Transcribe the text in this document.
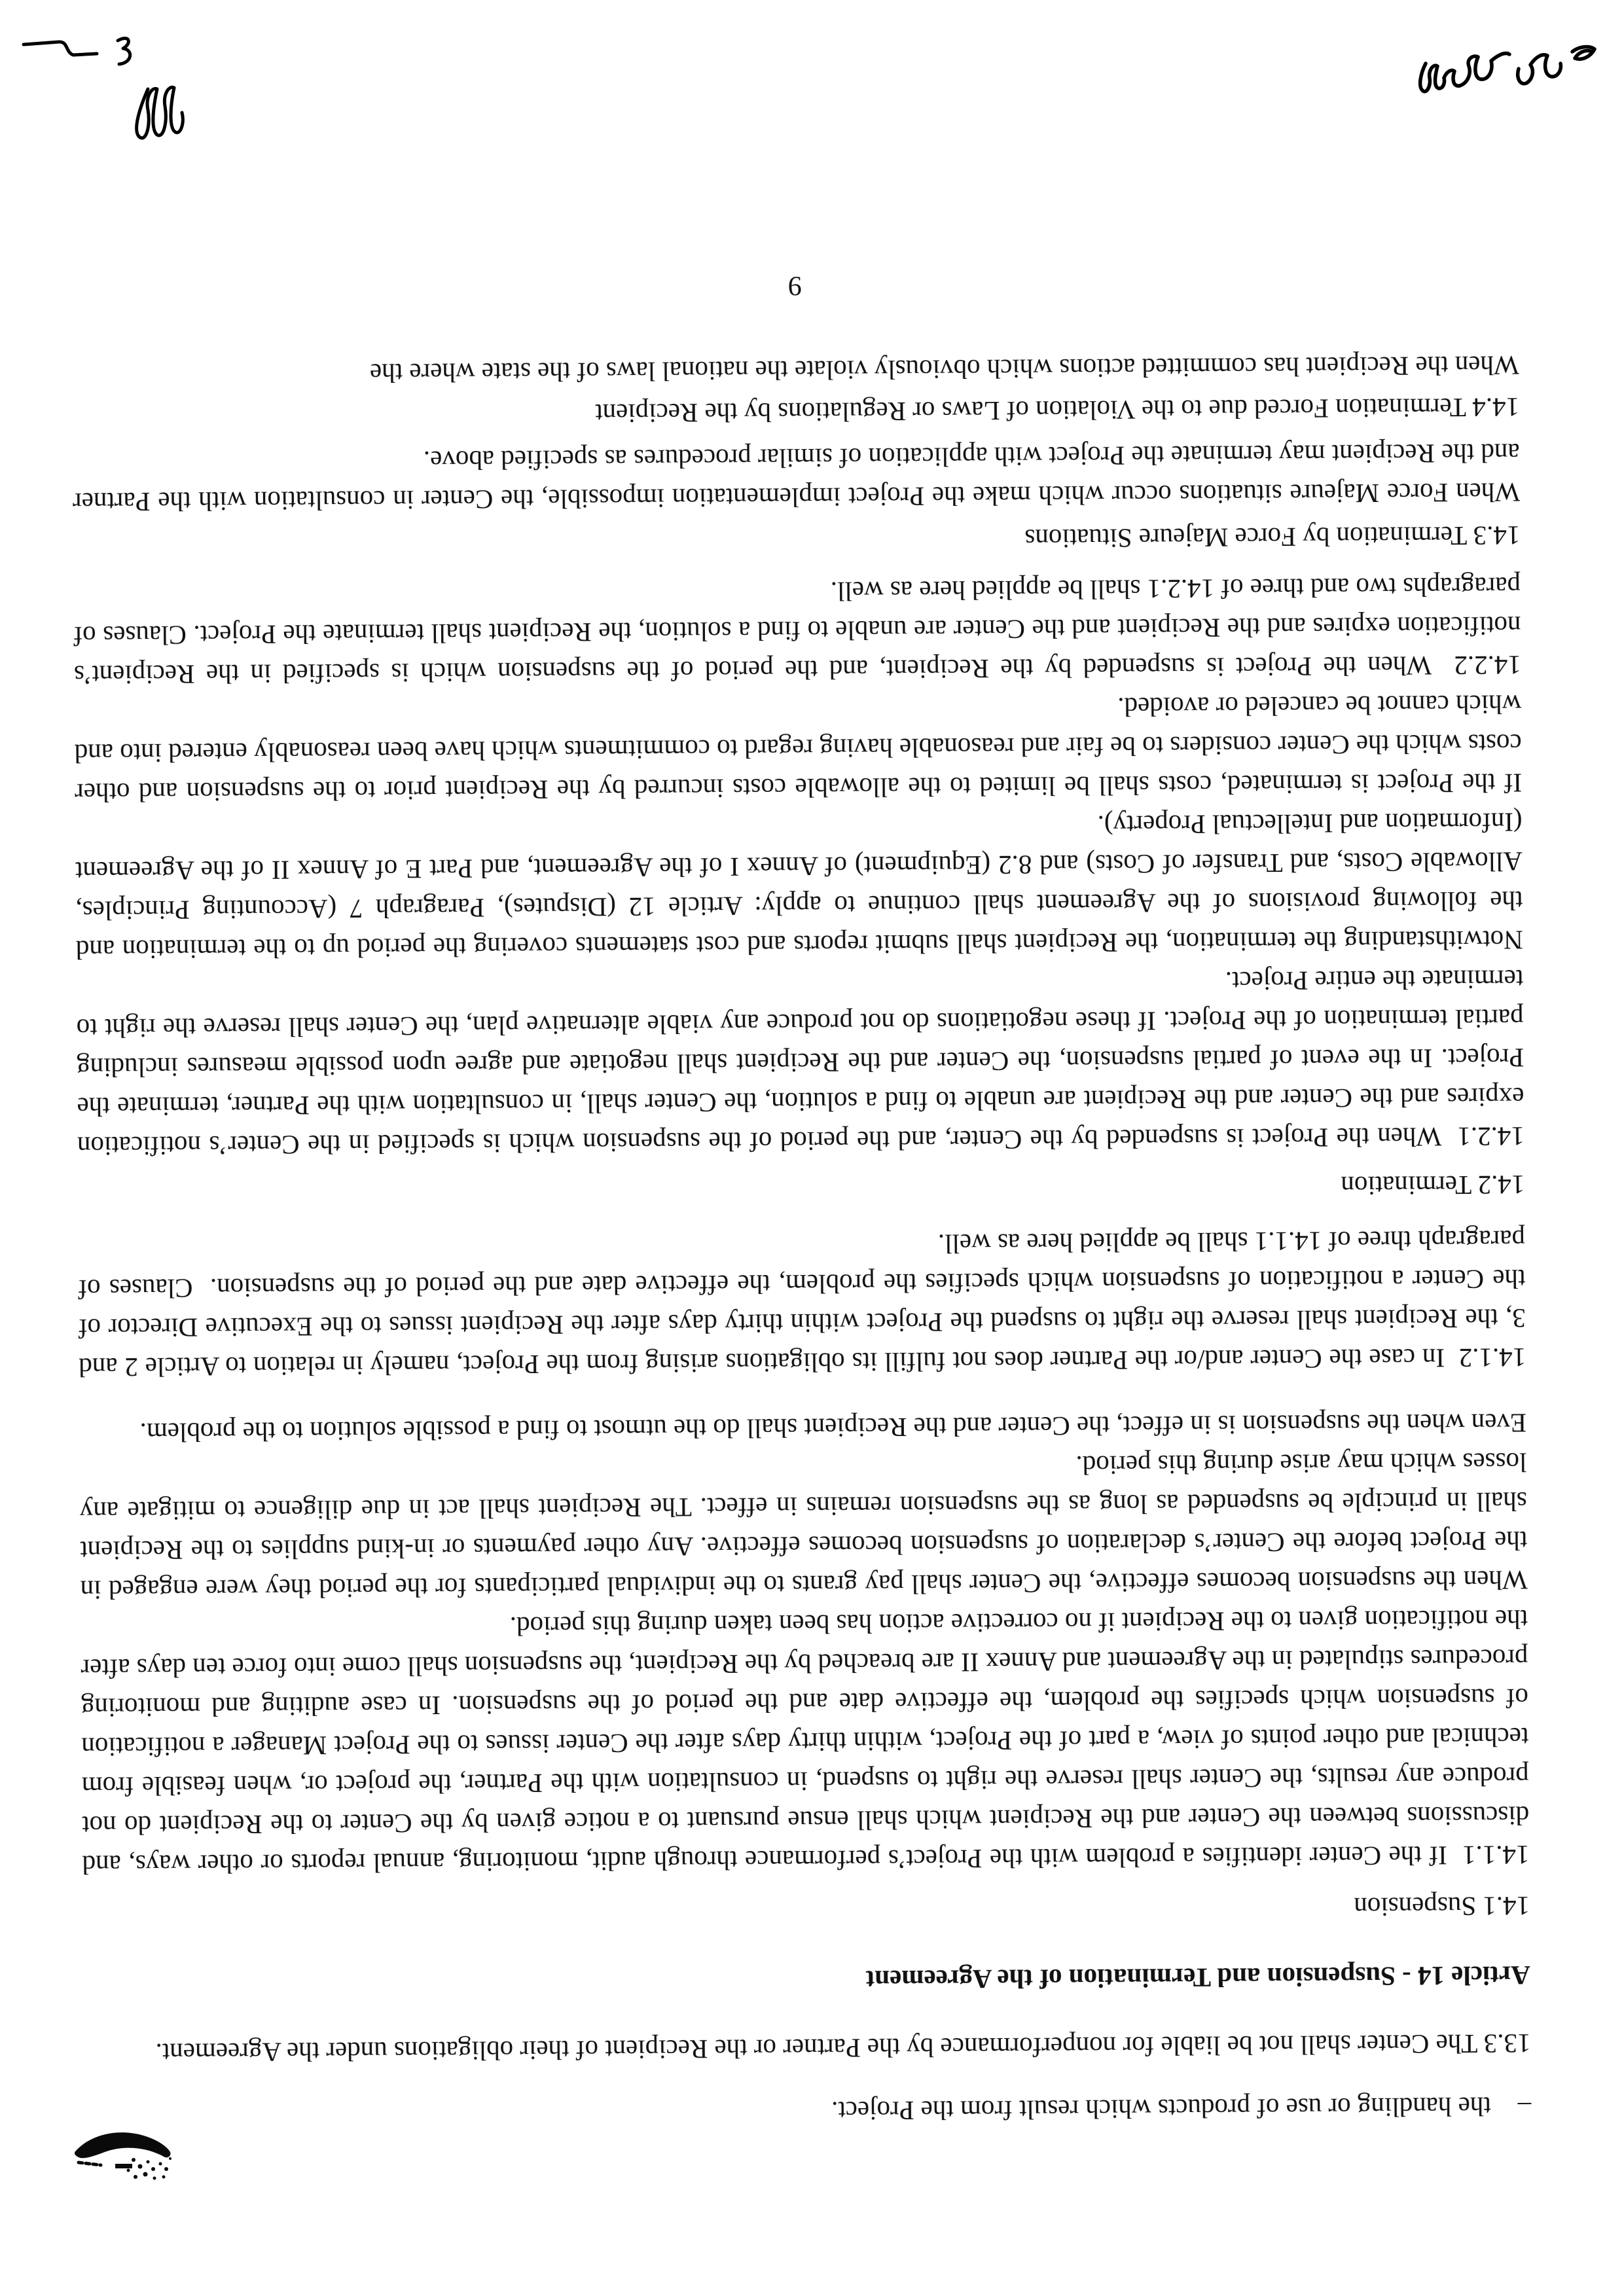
–    the handling or use of products which result from the Project.
13.3 The Center shall not be liable for nonperformance by the Partner or the Recipient of their obligations under the Agreement.
Article 14 - Suspension and Termination of the Agreement
14.1 Suspension
14.1.1  If the Center identifies a problem with the Project’s performance through audit, monitoring, annual reports or other ways, and discussions between the Center and the Recipient which shall ensue pursuant to a notice given by the Center to the Recipient do not produce any results, the Center shall reserve the right to suspend, in consultation with the Partner, the project or, when feasible from technical and other points of view, a part of the Project, within thirty days after the Center issues to the Project Manager a notification of suspension which specifies the problem, the effective date and the period of the suspension. In case auditing and monitoring procedures stipulated in the Agreement and Annex II are breached by the Recipient, the suspension shall come into force ten days after the notification given to the Recipient if no corrective action has been taken during this period.
When the suspension becomes effective, the Center shall pay grants to the individual participants for the period they were engaged in the Project before the Center’s declaration of suspension becomes effective. Any other payments or in-kind supplies to the Recipient shall in principle be suspended as long as the suspension remains in effect. The Recipient shall act in due diligence to mitigate any losses which may arise during this period.
Even when the suspension is in effect, the Center and the Recipient shall do the utmost to find a possible solution to the problem.
14.1.2  In case the Center and/or the Partner does not fulfill its obligations arising from the Project, namely in relation to Article 2 and 3, the Recipient shall reserve the right to suspend the Project within thirty days after the Recipient issues to the Executive Director of the Center a notification of suspension which specifies the problem, the effective date and the period of the suspension.  Clauses of paragraph three of 14.1.1 shall be applied here as well.
14.2 Termination
14.2.1  When the Project is suspended by the Center, and the period of the suspension which is specified in the Center’s notification expires and the Center and the Recipient are unable to find a solution, the Center shall, in consultation with the Partner, terminate the Project. In the event of partial suspension, the Center and the Recipient shall negotiate and agree upon possible measures including partial termination of the Project. If these negotiations do not produce any viable alternative plan, the Center shall reserve the right to terminate the entire Project.
Notwithstanding the termination, the Recipient shall submit reports and cost statements covering the period up to the termination and the following provisions of the Agreement shall continue to apply: Article 12 (Disputes), Paragraph 7 (Accounting Principles, Allowable Costs, and Transfer of Costs) and 8.2 (Equipment) of Annex I of the Agreement, and Part E of Annex II of the Agreement (Information and Intellectual Property).
If the Project is terminated, costs shall be limited to the allowable costs incurred by the Recipient prior to the suspension and other costs which the Center considers to be fair and reasonable having regard to commitments which have been reasonably entered into and which cannot be canceled or avoided.
14.2.2  When the Project is suspended by the Recipient, and the period of the suspension which is specified in the Recipient’s notification expires and the Recipient and the Center are unable to find a solution, the Recipient shall terminate the Project. Clauses of paragraphs two and three of 14.2.1 shall be applied here as well.
14.3 Termination by Force Majeure Situations
When Force Majeure situations occur which make the Project implementation impossible, the Center in consultation with the Partner and the Recipient may terminate the Project with application of similar procedures as specified above.
14.4 Termination Forced due to the Violation of Laws or Regulations by the Recipient
When the Recipient has committed actions which obviously violate the national laws of the state where the
9
